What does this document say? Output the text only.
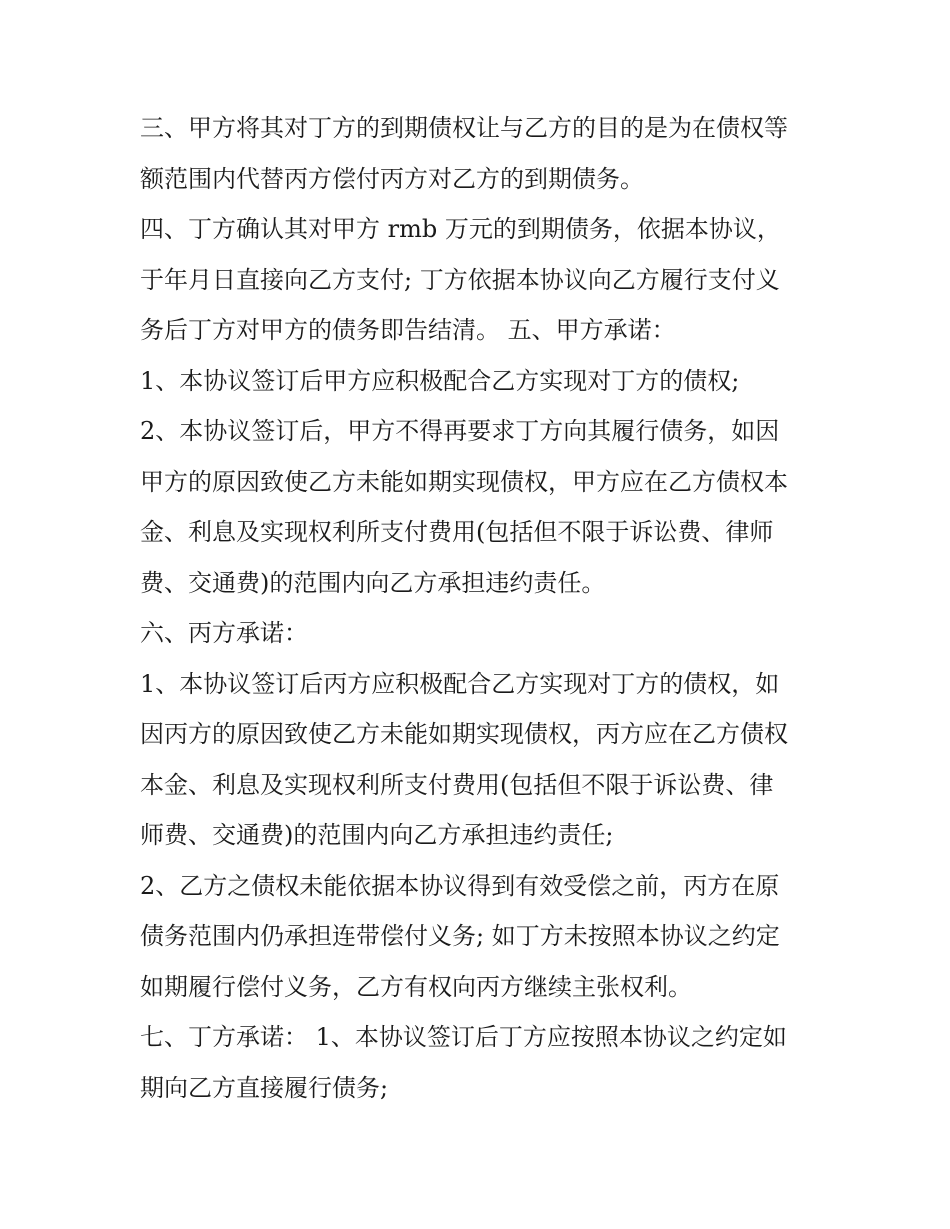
三、甲方将其对丁方的到期债权让与乙方的目的是为在债权等
额范围内代替丙方偿付丙方对乙方的到期债务。
四、丁方确认其对甲方 rmb 万元的到期债务，依据本协议，
于年月日直接向乙方支付; 丁方依据本协议向乙方履行支付义
务后丁方对甲方的债务即告结清。 五、甲方承诺：
1、本协议签订后甲方应积极配合乙方实现对丁方的债权;
2、本协议签订后，甲方不得再要求丁方向其履行债务，如因
甲方的原因致使乙方未能如期实现债权，甲方应在乙方债权本
金、利息及实现权利所支付费用(包括但不限于诉讼费、律师
费、交通费)的范围内向乙方承担违约责任。
六、丙方承诺：
1、本协议签订后丙方应积极配合乙方实现对丁方的债权，如
因丙方的原因致使乙方未能如期实现债权，丙方应在乙方债权
本金、利息及实现权利所支付费用(包括但不限于诉讼费、律
师费、交通费)的范围内向乙方承担违约责任;
2、乙方之债权未能依据本协议得到有效受偿之前，丙方在原
债务范围内仍承担连带偿付义务; 如丁方未按照本协议之约定
如期履行偿付义务，乙方有权向丙方继续主张权利。
七、丁方承诺： 1、本协议签订后丁方应按照本协议之约定如
期向乙方直接履行债务;
